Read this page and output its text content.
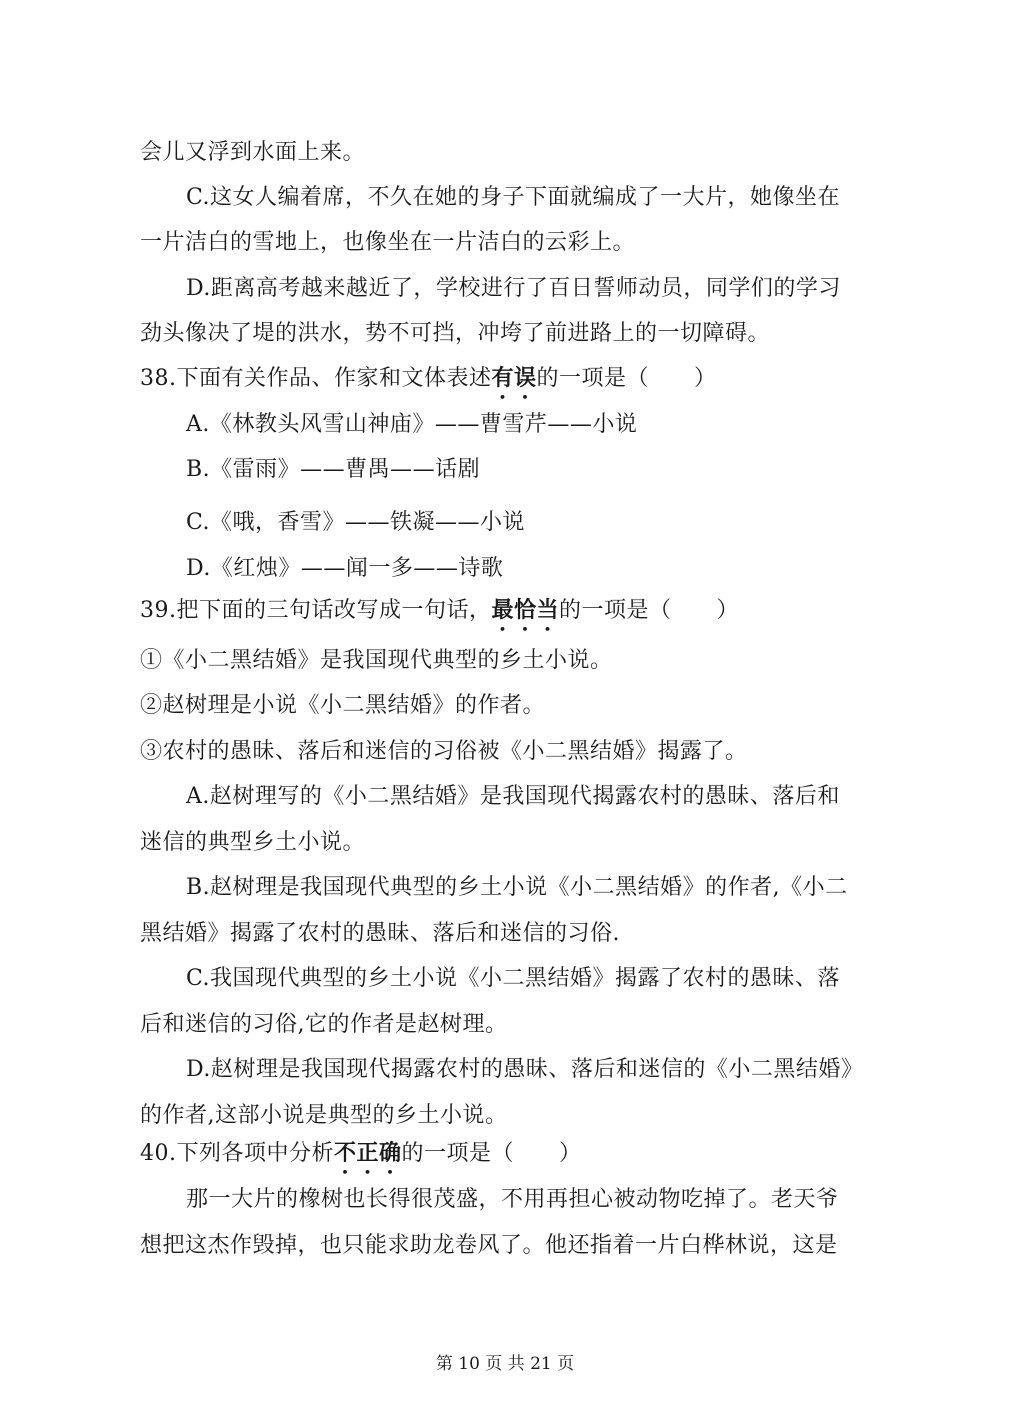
会儿又浮到水面上来。
C.这女人编着席，不久在她的身子下面就编成了一大片，她像坐在
一片洁白的雪地上，也像坐在一片洁白的云彩上。
D.距离高考越来越近了，学校进行了百日誓师动员，同学们的学习
劲头像决了堤的洪水，势不可挡，冲垮了前进路上的一切障碍。
38.下面有关作品、作家和文体表述有误的一项是（　　）
A.《林教头风雪山神庙》——曹雪芹——小说
B.《雷雨》——曹禺——话剧
C.《哦，香雪》——铁凝——小说
D.《红烛》——闻一多——诗歌
39.把下面的三句话改写成一句话，最恰当的一项是（　　）
①《小二黑结婚》是我国现代典型的乡土小说。
②赵树理是小说《小二黑结婚》的作者。
③农村的愚昧、落后和迷信的习俗被《小二黑结婚》揭露了。
A.赵树理写的《小二黑结婚》是我国现代揭露农村的愚昧、落后和
迷信的典型乡土小说。
B.赵树理是我国现代典型的乡土小说《小二黑结婚》的作者,《小二
黑结婚》揭露了农村的愚昧、落后和迷信的习俗.
C.我国现代典型的乡土小说《小二黑结婚》揭露了农村的愚昧、落
后和迷信的习俗,它的作者是赵树理。
D.赵树理是我国现代揭露农村的愚昧、落后和迷信的《小二黑结婚》
的作者,这部小说是典型的乡土小说。
40.下列各项中分析不正确的一项是（　　）
那一大片的橡树也长得很茂盛，不用再担心被动物吃掉了。老天爷
想把这杰作毁掉，也只能求助龙卷风了。他还指着一片白桦林说，这是
第 10 页 共 21 页
